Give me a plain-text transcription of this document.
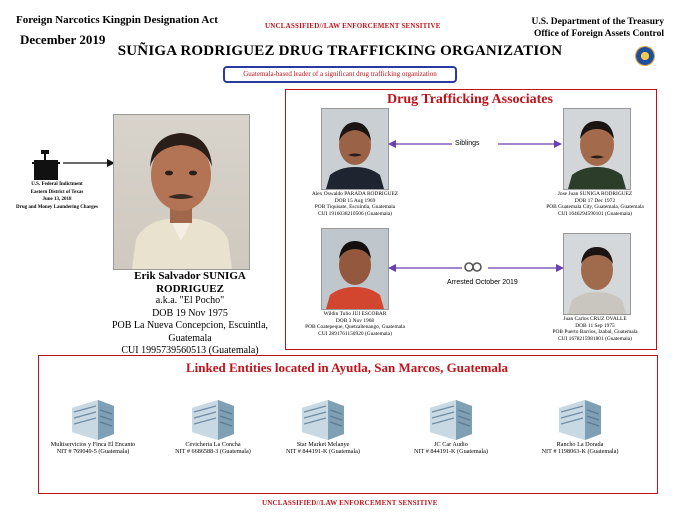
Foreign Narcotics Kingpin Designation Act
December 2019
UNCLASSIFIED//LAW ENFORCEMENT SENSITIVE	U.S. Department of the Treasury
Office of Foreign Assets Control
SUÑIGA RODRIGUEZ DRUG TRAFFICKING ORGANIZATION
Guatemala-based leader of a significant drug trafficking organization
U.S. Federal Indictment
Eastern District of Texas
June 13, 2018
Drug and Money Laundering Charges
Erik Salvador SUNIGA RODRIGUEZ
a.k.a. "El Pocho"
DOB 19 Nov 1975
POB La Nueva Concepcion, Escuintla,
Guatemala
CUI 1995739560513 (Guatemala)
Drug Trafficking Associates
Alex Oswaldo PARADA RODRIGUEZ
DOB 15 Aug 1969
POB Tiquisate, Escuintla, Guatemala
CUI 1916038210506 (Guatemala)
Jose Juan SUNIGA RODRIGUEZ
DOB 17 Dec 1972
POB Guatemala City, Guatemala, Guatemala
CUI 1646294590101 (Guatemala)
Wildin Tulio JUI ESCOBAR
DOB 3 Nov 1968
POB Coatepeque, Quetzaltenango, Guatemala
CUI 2891761150920 (Guatemala)
Juan Carlos CRUZ OVALLE
DOB 11 Sep 1975
POB Puerto Barrios, Izabal, Guatemala
CUI 1678215981801 (Guatemala)
Siblings
Arrested October 2019
Linked Entities located in Ayutla, San Marcos, Guatemala
Multiservicios y Finca El Encanto
NIT # 769049-5 (Guatemala)
Cevicheria La Concha
NIT # 6686588-3 (Guatemala)
Star Market Melanye
NIT # 844191-K (Guatemala)
JC Car Audio
NIT # 844191-K (Guatemala)
Rancho La Dorada
NIT # 1198063-K (Guatemala)
UNCLASSIFIED//LAW ENFORCEMENT SENSITIVE
